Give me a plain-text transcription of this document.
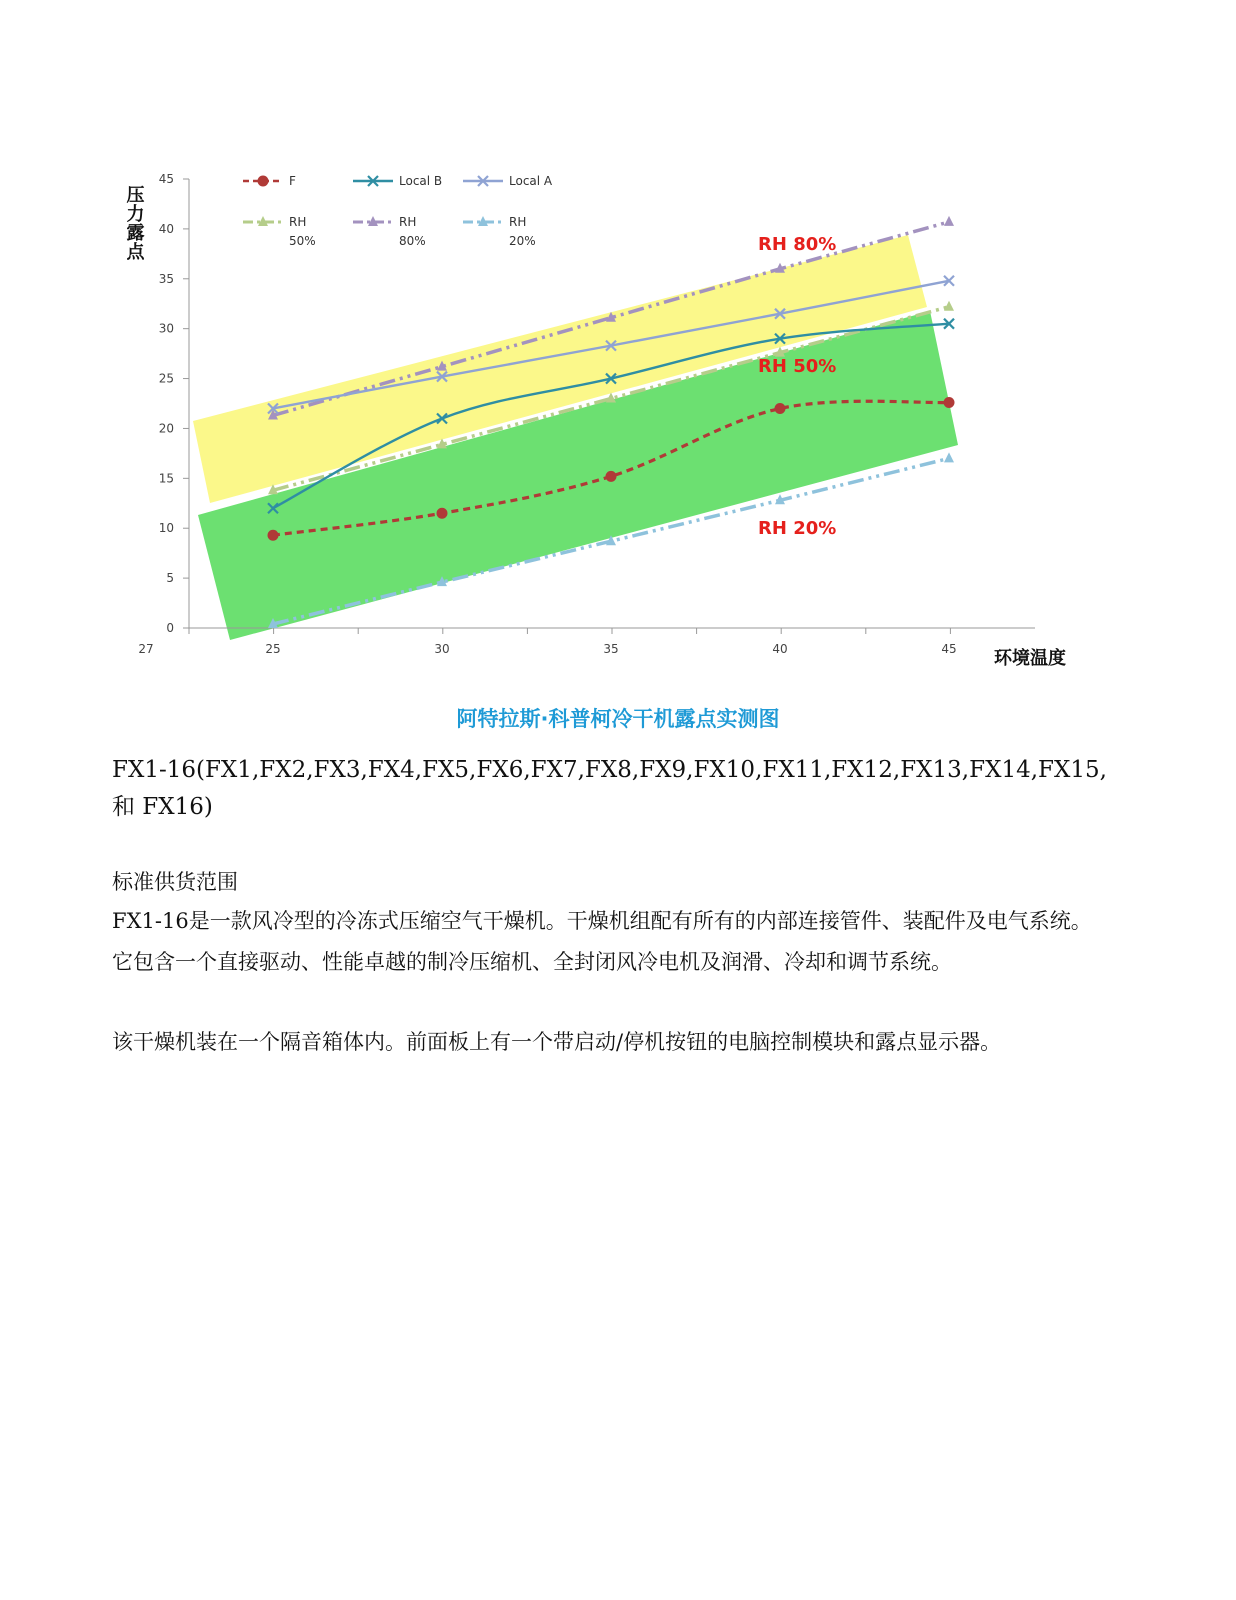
0
5
10
15
20
25
30
35
40
45
25	30	35	40	45
压力露点
环境温度
27
F	Local B	Local A
RH
50%
RH
80%
RH
20%	RH 80%
RH 50%
RH 20%
阿特拉斯·科普柯冷干机露点实测图
FX1-16(FX1,FX2,FX3,FX4,FX5,FX6,FX7,FX8,FX9,FX10,FX11,FX12,FX13,FX14,FX15,和 FX16)
标准供货范围
FX1-16是一款风冷型的冷冻式压缩空气干燥机。干燥机组配有所有的内部连接管件、装配件及电气系统。它包含一个直接驱动、性能卓越的制冷压缩机、全封闭风冷电机及润滑、冷却和调节系统。
该干燥机装在一个隔音箱体内。前面板上有一个带启动/停机按钮的电脑控制模块和露点显示器。
